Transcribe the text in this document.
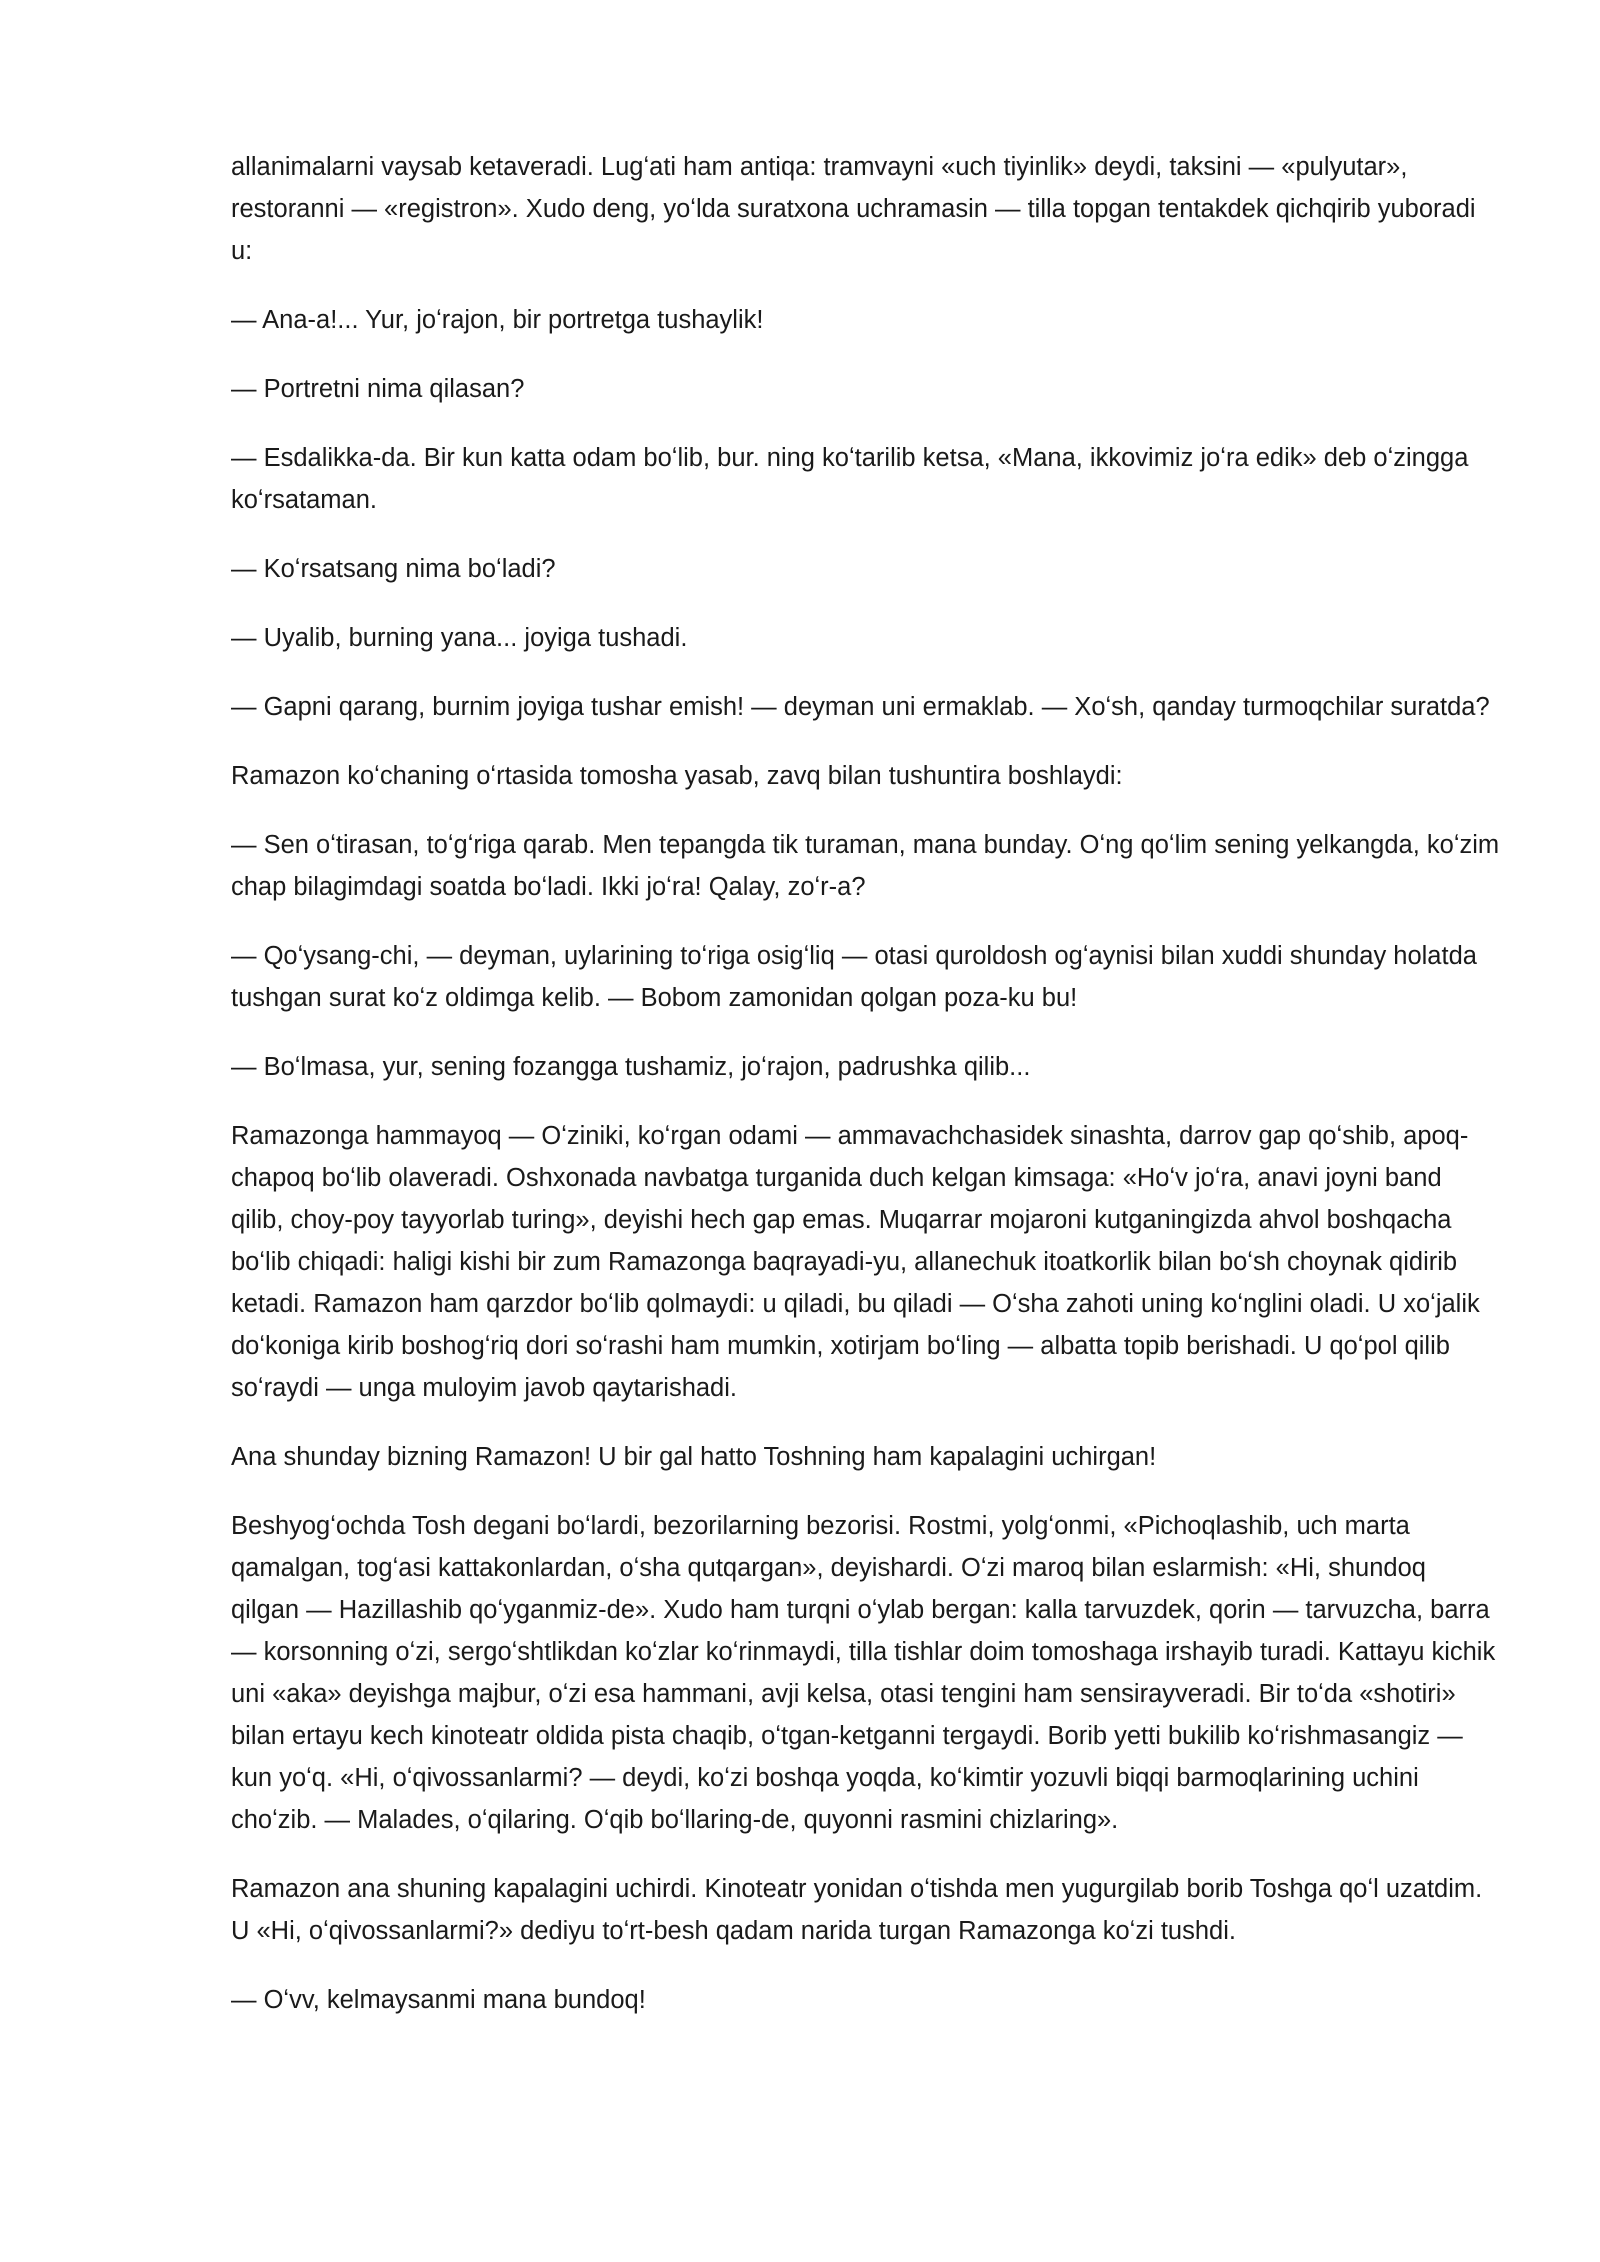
allanimalarni vaysab ketaveradi. Lugʻati ham antiqa: tramvayni «uch tiyinlik» deydi, taksini — «pulyutar», restoranni — «registron». Xudo deng, yoʻlda suratxona uchramasin — tilla topgan tentakdek qichqirib yuboradi u:

— Ana-a!... Yur, joʻrajon, bir portretga tushaylik!

— Portretni nima qilasan?

— Esdalikka-da. Bir kun katta odam boʻlib, bur. ning koʻtarilib ketsa, «Mana, ikkovimiz joʻra edik» deb oʻzingga koʻrsataman.

— Koʻrsatsang nima boʻladi?

— Uyalib, burning yana... joyiga tushadi.

— Gapni qarang, burnim joyiga tushar emish! — deyman uni ermaklab. — Xoʻsh, qanday turmoqchilar suratda?

Ramazon koʻchaning oʻrtasida tomosha yasab, zavq bilan tushuntira boshlaydi:

— Sen oʻtirasan, toʻgʻriga qarab. Men tepangda tik turaman, mana bunday. Oʻng qoʻlim sening yelkangda, koʻzim chap bilagimdagi soatda boʻladi. Ikki joʻra! Qalay, zoʻr-a?

— Qoʻysang-chi, — deyman, uylarining toʻriga osigʻliq — otasi quroldosh ogʻaynisi bilan xuddi shunday holatda tushgan surat koʻz oldimga kelib. — Bobom zamonidan qolgan poza-ku bu!

— Boʻlmasa, yur, sening fozangga tushamiz, joʻrajon, padrushka qilib...

Ramazonga hammayoq — Oʻziniki, koʻrgan odami — ammavachchasidek sinashta, darrov gap qoʻshib, apoq-chapoq boʻlib olaveradi. Oshxonada navbatga turganida duch kelgan kimsaga: «Hoʻv joʻra, anavi joyni band qilib, choy-poy tayyorlab turing», deyishi hech gap emas. Muqarrar mojaroni kutganingizda ahvol boshqacha boʻlib chiqadi: haligi kishi bir zum Ramazonga baqrayadi-yu, allanechuk itoatkorlik bilan boʻsh choynak qidirib ketadi. Ramazon ham qarzdor boʻlib qolmaydi: u qiladi, bu qiladi — Oʻsha zahoti uning koʻnglini oladi. U xoʻjalik doʻkoniga kirib boshogʻriq dori soʻrashi ham mumkin, xotirjam boʻling — albatta topib berishadi. U qoʻpol qilib soʻraydi — unga muloyim javob qaytarishadi.

Ana shunday bizning Ramazon! U bir gal hatto Toshning ham kapalagini uchirgan!

Beshyogʻochda Tosh degani boʻlardi, bezorilarning bezorisi. Rostmi, yolgʻonmi, «Pichoqlashib, uch marta qamalgan, togʻasi kattakonlardan, oʻsha qutqargan», deyishardi. Oʻzi maroq bilan eslarmish: «Hi, shundoq qilgan — Hazillashib qoʻyganmiz-de». Xudo ham turqni oʻylab bergan: kalla tarvuzdek, qorin — tarvuzcha, barra — korsonning oʻzi, sergoʻshtlikdan koʻzlar koʻrinmaydi, tilla tishlar doim tomoshaga irshayib turadi. Kattayu kichik uni «aka» deyishga majbur, oʻzi esa hammani, avji kelsa, otasi tengini ham sensirayveradi. Bir toʻda «shotiri» bilan ertayu kech kinoteatr oldida pista chaqib, oʻtgan-ketganni tergaydi. Borib yetti bukilib koʻrishmasangiz — kun yoʻq. «Hi, oʻqivossanlarmi? — deydi, koʻzi boshqa yoqda, koʻkimtir yozuvli biqqi barmoqlarining uchini choʻzib. — Malades, oʻqilaring. Oʻqib boʻllaring-de, quyonni rasmini chizlaring».

Ramazon ana shuning kapalagini uchirdi. Kinoteatr yonidan oʻtishda men yugurgilab borib Toshga qoʻl uzatdim. U «Hi, oʻqivossanlarmi?» dediyu toʻrt-besh qadam narida turgan Ramazonga koʻzi tushdi.

— Oʻvv, kelmaysanmi mana bundoq!
